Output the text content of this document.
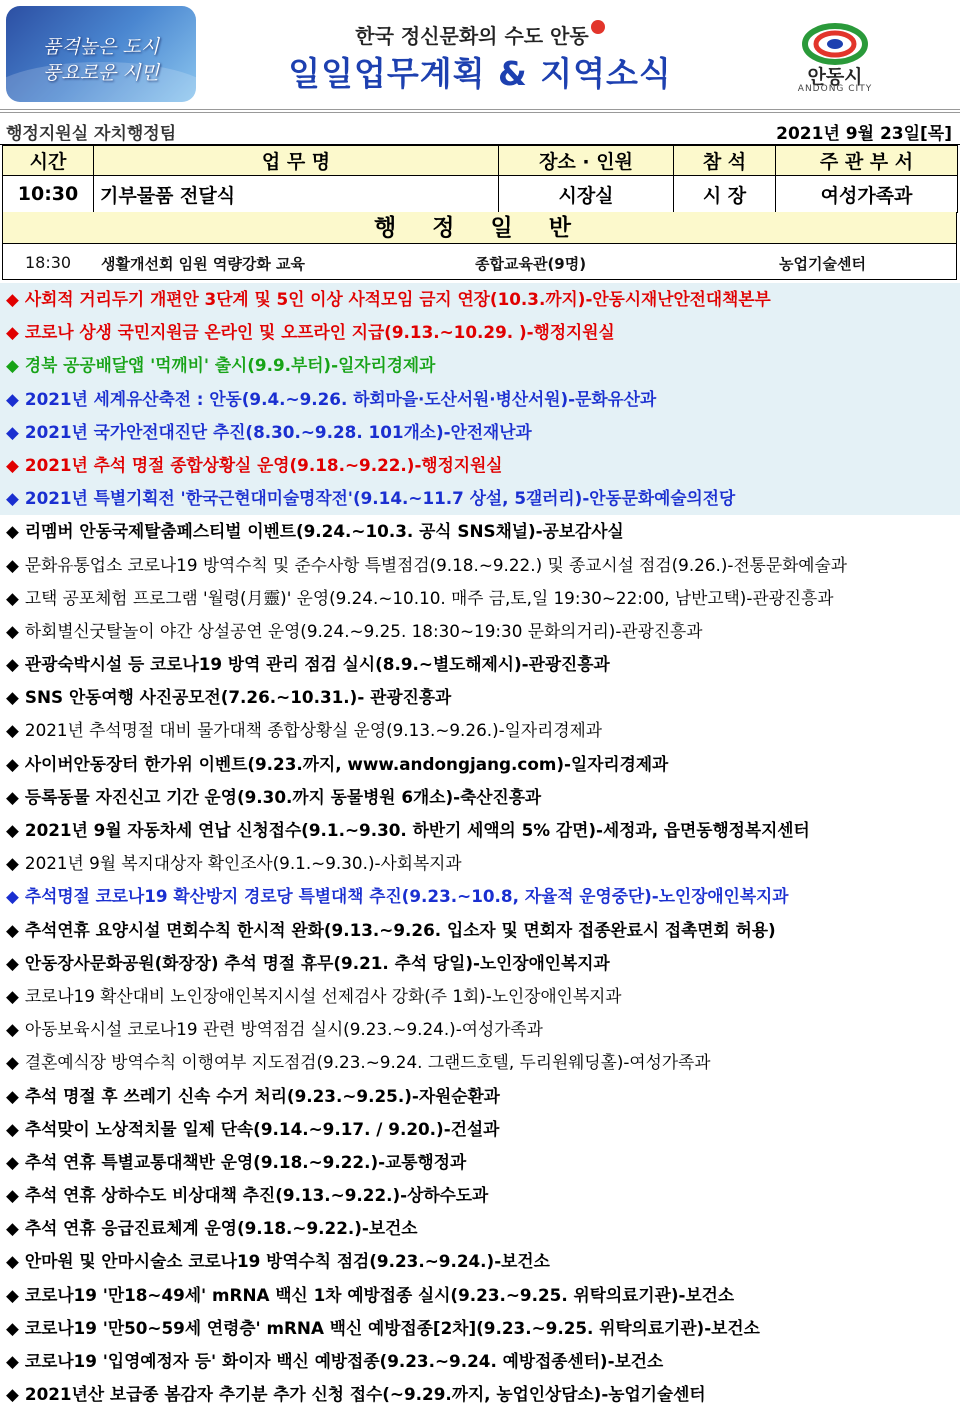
품격높은 도시
풍요로운 시민
한국 정신문화의 수도 안동
일일업무계획 & 지역소식	안동시
ANDONG CITY
행정지원실 자치행정팀	2021년 9월 23일[목]
시간	업 무 명	장소 · 인원	참 석	주 관 부 서
10:30	기부물품 전달식	시장실	시 장	여성가족과
행 정 일 반
18:30 생활개선회 임원 역량강화 교육	종합교육관(9명)	농업기술센터
◆ 사회적 거리두기 개편안 3단계 및 5인 이상 사적모임 금지 연장(10.3.까지)-안동시재난안전대책본부
◆ 코로나 상생 국민지원금 온라인 및 오프라인 지급(9.13.~10.29. )-행정지원실
◆ 경북 공공배달앱 '먹깨비' 출시(9.9.부터)-일자리경제과
◆ 2021년 세계유산축전 : 안동(9.4.~9.26. 하회마을·도산서원·병산서원)-문화유산과
◆ 2021년 국가안전대진단 추진(8.30.~9.28. 101개소)-안전재난과
◆ 2021년 추석 명절 종합상황실 운영(9.18.~9.22.)-행정지원실
◆ 2021년 특별기획전 '한국근현대미술명작전'(9.14.~11.7 상설, 5갤러리)-안동문화예술의전당
◆ 리멤버 안동국제탈춤페스티벌 이벤트(9.24.~10.3. 공식 SNS채널)-공보감사실
◆ 문화유통업소 코로나19 방역수칙 및 준수사항 특별점검(9.18.~9.22.) 및 종교시설 점검(9.26.)-전통문화예술과
◆ 고택 공포체험 프로그램 '월령(月靈)' 운영(9.24.~10.10. 매주 금,토,일 19:30~22:00, 남반고택)-관광진흥과
◆ 하회별신굿탈놀이 야간 상설공연 운영(9.24.~9.25. 18:30~19:30 문화의거리)-관광진흥과
◆ 관광숙박시설 등 코로나19 방역 관리 점검 실시(8.9.~별도해제시)-관광진흥과
◆ SNS 안동여행 사진공모전(7.26.~10.31.)- 관광진흥과
◆ 2021년 추석명절 대비 물가대책 종합상황실 운영(9.13.~9.26.)-일자리경제과
◆ 사이버안동장터 한가위 이벤트(9.23.까지, www.andongjang.com)-일자리경제과
◆ 등록동물 자진신고 기간 운영(9.30.까지 동물병원 6개소)-축산진흥과
◆ 2021년 9월 자동차세 연납 신청접수(9.1.~9.30. 하반기 세액의 5% 감면)-세정과, 읍면동행정복지센터
◆ 2021년 9월 복지대상자 확인조사(9.1.~9.30.)-사회복지과
◆ 추석명절 코로나19 확산방지 경로당 특별대책 추진(9.23.~10.8, 자율적 운영중단)-노인장애인복지과
◆ 추석연휴 요양시설 면회수칙 한시적 완화(9.13.~9.26. 입소자 및 면회자 접종완료시 접촉면회 허용)
◆ 안동장사문화공원(화장장) 추석 명절 휴무(9.21. 추석 당일)-노인장애인복지과
◆ 코로나19 확산대비 노인장애인복지시설 선제검사 강화(주 1회)-노인장애인복지과
◆ 아동보육시설 코로나19 관련 방역점검 실시(9.23.~9.24.)-여성가족과
◆ 결혼예식장 방역수칙 이행여부 지도점검(9.23.~9.24. 그랜드호텔, 두리원웨딩홀)-여성가족과
◆ 추석 명절 후 쓰레기 신속 수거 처리(9.23.~9.25.)-자원순환과
◆ 추석맞이 노상적치물 일제 단속(9.14.~9.17. / 9.20.)-건설과
◆ 추석 연휴 특별교통대책반 운영(9.18.~9.22.)-교통행정과
◆ 추석 연휴 상하수도 비상대책 추진(9.13.~9.22.)-상하수도과
◆ 추석 연휴 응급진료체계 운영(9.18.~9.22.)-보건소
◆ 안마원 및 안마시술소 코로나19 방역수칙 점검(9.23.~9.24.)-보건소
◆ 코로나19 '만18~49세' mRNA 백신 1차 예방접종 실시(9.23.~9.25. 위탁의료기관)-보건소
◆ 코로나19 '만50~59세 연령층' mRNA 백신 예방접종[2차](9.23.~9.25. 위탁의료기관)-보건소
◆ 코로나19 '입영예정자 등' 화이자 백신 예방접종(9.23.~9.24. 예방접종센터)-보건소
◆ 2021년산 보급종 봄감자 추기분 추가 신청 접수(~9.29.까지, 농업인상담소)-농업기술센터
